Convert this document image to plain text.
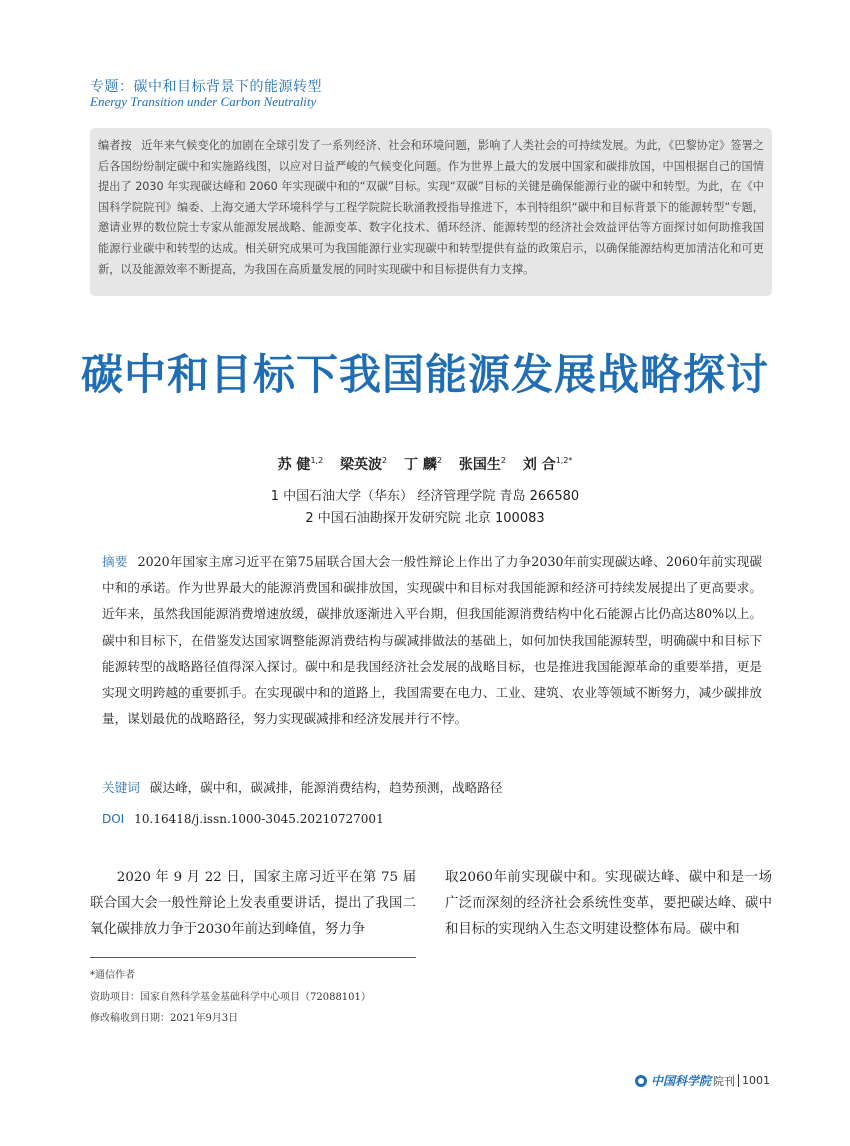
专题：碳中和目标背景下的能源转型
Energy Transition under Carbon Neutrality
编者按 近年来气候变化的加剧在全球引发了一系列经济、社会和环境问题，影响了人类社会的可持续发展。为此，《巴黎协定》签署之后各国纷纷制定碳中和实施路线图，以应对日益严峻的气候变化问题。作为世界上最大的发展中国家和碳排放国，中国根据自己的国情提出了 2030 年实现碳达峰和 2060 年实现碳中和的“双碳”目标。实现“双碳”目标的关键是确保能源行业的碳中和转型。为此，在《中国科学院院刊》编委、上海交通大学环境科学与工程学院院长耿涌教授指导推进下，本刊特组织“碳中和目标背景下的能源转型”专题，邀请业界的数位院士专家从能源发展战略、能源变革、数字化技术、循环经济、能源转型的经济社会效益评估等方面探讨如何助推我国能源行业碳中和转型的达成。相关研究成果可为我国能源行业实现碳中和转型提供有益的政策启示，以确保能源结构更加清洁化和可更新，以及能源效率不断提高，为我国在高质量发展的同时实现碳中和目标提供有力支撑。
碳中和目标下我国能源发展战略探讨
苏 健$^{1,2}$ 梁英波$^2$ 丁 麟$^2$ 张国生$^2$ 刘 合$^{1,2*}$
1 中国石油大学（华东） 经济管理学院 青岛 266580
2 中国石油勘探开发研究院 北京 100083
摘要 2020年国家主席习近平在第75届联合国大会一般性辩论上作出了力争2030年前实现碳达峰、2060年前实现碳中和的承诺。作为世界最大的能源消费国和碳排放国，实现碳中和目标对我国能源和经济可持续发展提出了更高要求。近年来，虽然我国能源消费增速放缓，碳排放逐渐进入平台期，但我国能源消费结构中化石能源占比仍高达80%以上。碳中和目标下，在借鉴发达国家调整能源消费结构与碳减排做法的基础上，如何加快我国能源转型，明确碳中和目标下能源转型的战略路径值得深入探讨。碳中和是我国经济社会发展的战略目标，也是推进我国能源革命的重要举措，更是实现文明跨越的重要抓手。在实现碳中和的道路上，我国需要在电力、工业、建筑、农业等领域不断努力，减少碳排放量，谋划最优的战略路径，努力实现碳减排和经济发展并行不悖。
关键词 碳达峰，碳中和，碳减排，能源消费结构，趋势预测，战略路径
DOI 10.16418/j.issn.1000-3045.20210727001
2020 年 9 月 22 日，国家主席习近平在第 75 届联合国大会一般性辩论上发表重要讲话，提出了我国二氧化碳排放力争于2030年前达到峰值，努力争
取2060年前实现碳中和。实现碳达峰、碳中和是一场广泛而深刻的经济社会系统性变革，要把碳达峰、碳中和目标的实现纳入生态文明建设整体布局。碳中和
*通信作者
资助项目：国家自然科学基金基础科学中心项目（72088101）
修改稿收到日期：2021年9月3日
中国科学院 院刊 1001
